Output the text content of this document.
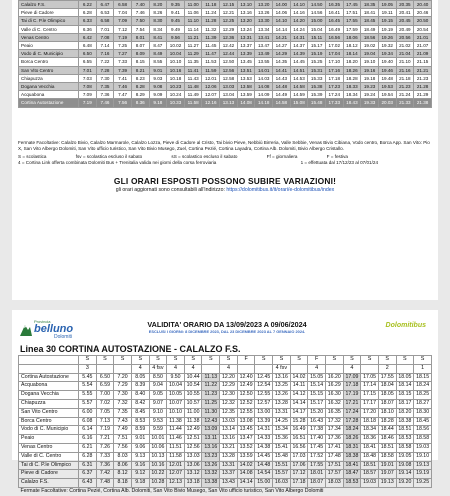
Calalzo F.S.	6.22	6.47	6.58	7.40	8.20	9.35	11.00	11.18	12.15	13.10	13.20	14.00	14.10	14.50	16.35	17.45	18.35	19.05	20.35	20.40
Pieve di Cadore	6.28	6.53	7.04	7.46	8.26	9.41	11.06	11.24	12.21	13.16	13.26	14.06	14.16	14.56	16.41	17.51	18.41	19.11	20.41	20.46
Tai di C. P.le Olimpico	6.33	6.58	7.09	7.50	8.30	9.45	11.10	11.28	12.25	13.20	13.30	14.10	14.20	15.00	16.45	17.55	18.45	19.15	20.45	20.50
Valle di C. Centro	6.36	7.01	7.12	7.54	8.34	9.49	11.14	11.32	12.29	13.24	13.34	14.14	14.24	15.04	16.49	17.59	18.49	19.19	20.49	20.54
Venas Centro	6.42	7.08	7.19	8.01	8.41	9.56	11.21	11.39	12.36	13.31	13.41	14.21	14.31	15.11	16.56	18.06	18.56	19.26	20.56	21.01
Peaio	6.48	7.14	7.25	8.07	8.47	10.02	11.27	11.45	12.42	13.37	13.47	14.27	14.37	15.17	17.02	18.12	19.02	19.32	21.02	21.07
Vodo di C. Municipio	6.50	7.16	7.27	8.09	8.49	10.04	11.29	11.47	12.44	13.39	13.49	14.29	14.39	15.19	17.04	18.14	19.04	19.34	21.04	21.09
Borca Centro	6.55	7.22	7.33	8.15	8.55	10.10	11.35	11.53	12.50	13.45	13.55	14.35	14.45	15.25	17.10	18.20	19.10	19.40	21.10	21.15
San Vito Centro	7.01	7.28	7.39	8.21	9.01	10.16	11.41	11.59	12.56	13.51	14.01	14.41	14.51	15.31	17.16	18.26	19.16	19.46	21.16	21.21
Chiapuzza	7.03	7.30	7.41	8.23	9.03	10.18	11.43	12.01	12.58	13.53	14.03	14.43	14.53	15.33	17.18	18.28	19.18	19.48	21.18	21.23
Dogana Vecchia	7.08	7.35	7.46	8.28	9.08	10.23	11.48	12.06	13.03	13.58	14.08	14.48	14.58	15.38	17.23	18.33	19.23	19.53	21.23	21.28
Acquabona	7.09	7.36	7.47	8.29	9.09	10.24	11.49	12.07	13.04	13.59	14.09	14.49	14.59	15.39	17.24	18.34	19.24	19.54	21.24	21.29
Cortina Autostazione	7.19	7.46	7.56	8.36	9.18	10.33	11.58	12.16	13.13	14.08	14.18	14.58	15.08	15.48	17.33	18.43	19.33	20.03	21.33	21.38

Fermate Facoltative: Calalzo Bivio, Calalzo Marmarole, Calalzo Lozza, Pieve di Cadore al Cristo, Tai bivio Pieve, Nebbiù Birreria, Valle Sebbie, Venas Bivio Cibiana, Vodo centro, Borca App. San Vito: Pio X, San Vito Albergo Dolomiti, San Vito ufficio turistico, San Vito Bivio Musego, Zuel, Cortina Pezié, Cortina Layadra, Cortina Alb. Dolomiti, Bivio Albergo Cristallo.

S = scolastica	fsv = scolastica escluso il sabato	sS = scolastico escluso il sabato	Ff = giornaliera	F = festiva
4 = Cortina Link offerta combinata Dolomiti Bus + Trenitalia valida nei giorni della corsa ferroviaria	1 = effettuata dal 17/12/23 al 07/01/24
GLI ORARI ESPOSTI POSSONO SUBIRE VARIAZIONI!
gli orari aggiornati sono consultabili all'indirizzo: https://dolomitibus.it/it/orari/e-dolomitibus/index
Provincia
belluno
Dolomiti
VALIDITA' ORARIO DA 13/09/2023 A 09/06/2024
ESCLUSI I GIORNI: 8 DICEMBRE 2023, DAL 23 DICEMBRE 2023 AL 7 GENNAIO 2024.
Dolomitibus
Linea 30 CORTINA AUTOSTAZIONE - CALALZO F.S.
	S	S	S	S	S	S	S	S	S	F	S	S	S	F	S	S	S	S	S	S
	3			4	4 fsv	4	4		4			4 fsv		4		4		2		1
Cortina Autostazione	5.45	6.50	7.20	8.05	8.50	9.50	10.44	11.13	12.20	12.40	12.45	13.16	14.02	15.05	16.20	17.09	17.05	17.55	18.05	18.15
Acquabona	5.54	6.59	7.29	8.39	9.04	10.04	10.54	11.22	12.29	12.49	12.54	13.25	14.11	15.14	16.29	17.18	17.14	18.04	18.14	18.24
Dogana Vecchia	5.55	7.00	7.30	8.40	9.05	10.05	10.55	11.23	12.30	12.50	12.55	13.26	14.12	15.15	16.30	17.19	17.15	18.05	18.15	18.25
Chiapuzza	5.57	7.02	7.32	8.42	9.07	10.07	10.57	11.25	12.32	12.52	12.57	13.28	14.14	15.17	16.32	17.21	17.17	18.07	18.17	18.27
San Vito Centro	6.00	7.05	7.35	8.45	9.10	10.10	11.00	11.30	12.35	12.55	13.00	13.31	14.17	15.20	16.35	17.24	17.20	18.10	18.20	18.30
Borca Centro	6.08	7.13	7.43	8.53	9.53	11.38	11.38	12.43	13.03	13.08	13.39	14.25	15.28	16.43	17.32	17.28	18.18	18.28	18.38	18.45
Vodo di C. Municipio	6.14	7.19	7.49	8.59	9.59	11.44	12.49	13.09	13.14	13.45	14.31	15.34	16.49	17.38	17.34	18.24	18.34	18.44	18.51	18.56
Peaio	6.16	7.21	7.51	9.01	10.01	11.46	12.51	13.11	13.16	13.47	14.33	15.36	16.51	17.40	17.36	18.26	18.36	18.46	18.53	18.58
Venas Centro	6.21	7.26	7.56	9.06	10.06	11.51	12.56	13.16	13.21	13.52	14.38	15.41	16.56	17.45	17.41	18.31	18.41	18.51	18.58	19.03
Valle di C. Centro	6.28	7.33	8.03	9.13	10.13	11.58	13.03	13.23	13.28	13.59	14.45	15.48	17.03	17.52	17.48	18.38	18.48	18.58	19.05	19.10
Tai di C. P.le Olimpico	6.31	7.36	8.06	9.16	10.16	12.01	13.06	13.26	13.31	14.02	14.48	15.51	17.06	17.55	17.51	18.41	18.51	19.01	19.08	19.13
Pieve di Cadore	6.37	7.42	8.12	9.12	10.22	12.07	13.12	13.32	13.37	14.08	14.54	15.57	17.12	18.01	17.57	18.47	18.57	19.07	19.14	19.19
Calalzo F.S.	6.43	7.48	8.18	9.18	10.28	12.13	13.18	13.38	13.43	14.14	15.00	16.03	17.18	18.07	18.03	18.53	19.03	19.13	19.20	19.25
Fermate Facoltative: Cortina Pezié, Cortina Alb. Dolomiti, San Vito Bivio Musego, San Vito ufficio turistico, San Vito Albergo Dolomiti																				
